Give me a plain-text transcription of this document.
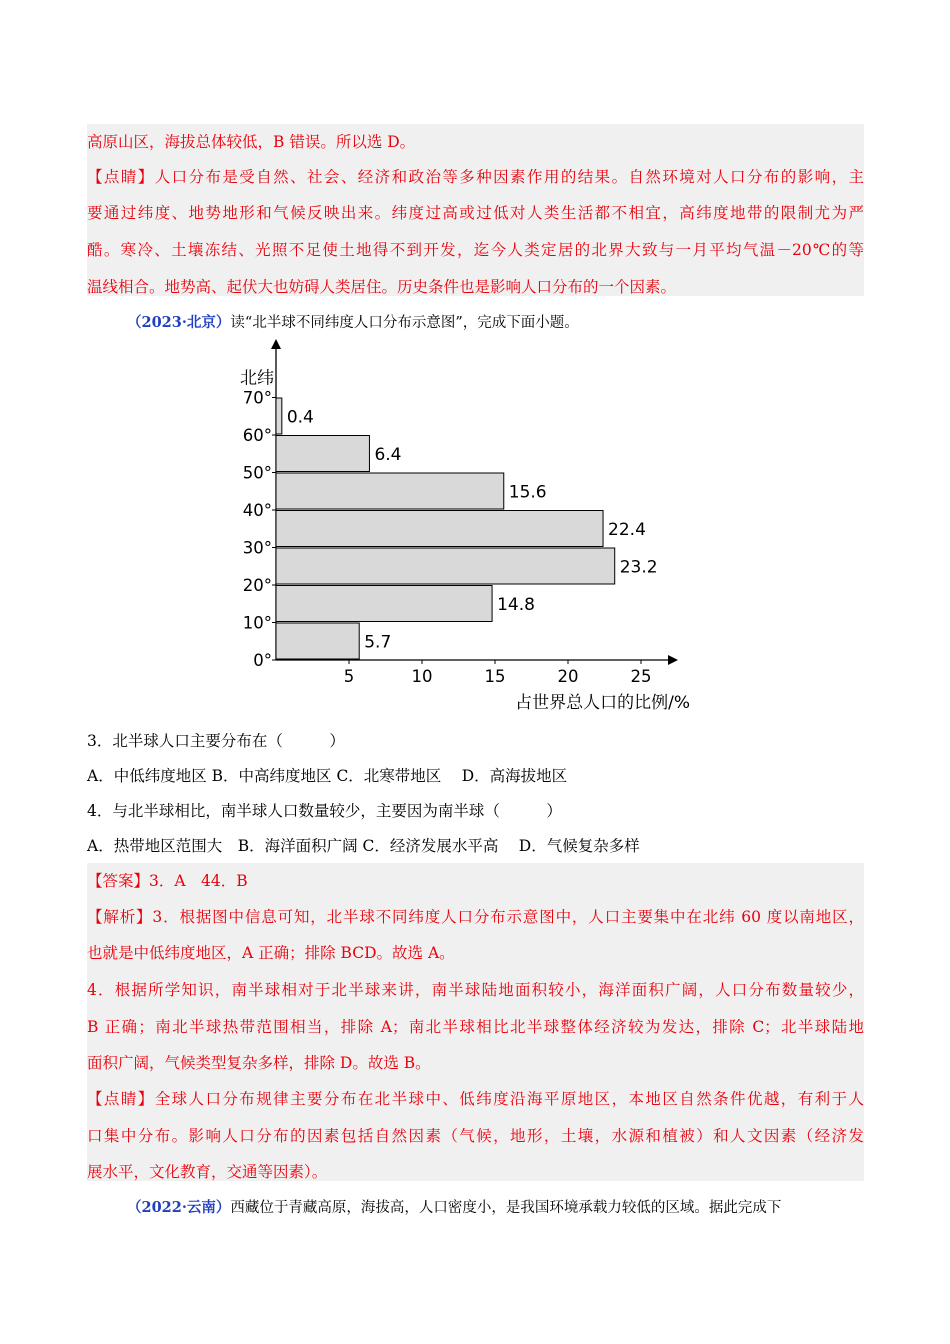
高原山区，海拔总体较低，B 错误。所以选 D。
【点睛】人口分布是受自然、社会、经济和政治等多种因素作用的结果。自然环境对人口分布的影响，主
要通过纬度、地势地形和气候反映出来。纬度过高或过低对人类生活都不相宜，高纬度地带的限制尤为严
酷。寒冷、土壤冻结、光照不足使土地得不到开发，迄今人类定居的北界大致与一月平均气温－20℃的等
温线相合。地势高、起伏大也妨碍人类居住。历史条件也是影响人口分布的一个因素。
（2023·北京）读“北半球不同纬度人口分布示意图”，完成下面小题。
5.7
14.8
23.2
22.4
15.6
6.4
0.4
0°
10°
20°
30°
40°
50°
60°
70°
5	10	15	20	25
北纬
占世界总人口的比例/%
3．北半球人口主要分布在（　　　）
A．中低纬度地区 B．中高纬度地区 C．北寒带地区　 D．高海拔地区
4．与北半球相比，南半球人口数量较少，主要因为南半球（　　　）
A．热带地区范围大　B．海洋面积广阔 C．经济发展水平高　 D．气候复杂多样
【答案】3．A　44．B
【解析】3．根据图中信息可知，北半球不同纬度人口分布示意图中，人口主要集中在北纬 60 度以南地区，
也就是中低纬度地区，A 正确；排除 BCD。故选 A。
4．根据所学知识，南半球相对于北半球来讲，南半球陆地面积较小，海洋面积广阔，人口分布数量较少，
B 正确；南北半球热带范围相当，排除 A；南北半球相比北半球整体经济较为发达，排除 C；北半球陆地
面积广阔，气候类型复杂多样，排除 D。故选 B。
【点睛】全球人口分布规律主要分布在北半球中、低纬度沿海平原地区，本地区自然条件优越，有利于人
口集中分布。影响人口分布的因素包括自然因素（气候，地形，土壤，水源和植被）和人文因素（经济发
展水平，文化教育，交通等因素）。
（2022·云南）西藏位于青藏高原，海拔高，人口密度小，是我国环境承载力较低的区域。据此完成下
